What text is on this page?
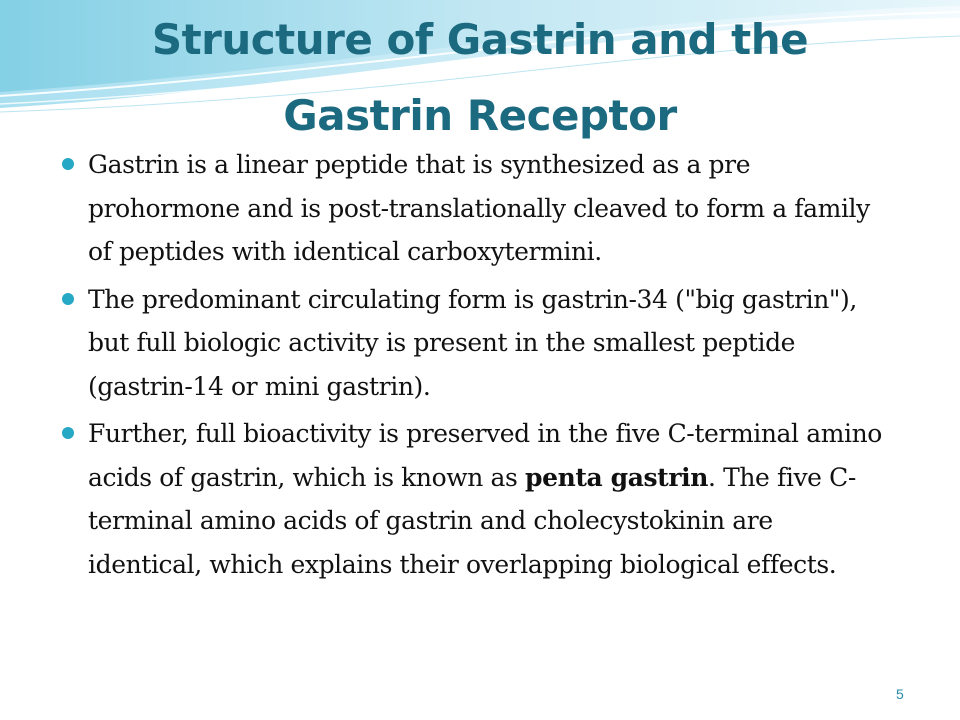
Structure of Gastrin and the
Gastrin Receptor
Gastrin is a linear peptide that is synthesized as a pre prohormone and is post-translationally cleaved to form a family of peptides with identical carboxytermini.
The predominant circulating form is gastrin-34 ("big gastrin"), but full biologic activity is present in the smallest peptide (gastrin-14 or mini gastrin).
Further, full bioactivity is preserved in the five C-terminal amino acids of gastrin, which is known as penta gastrin. The five C-terminal amino acids of gastrin and cholecystokinin are identical, which explains their overlapping biological effects.
5
